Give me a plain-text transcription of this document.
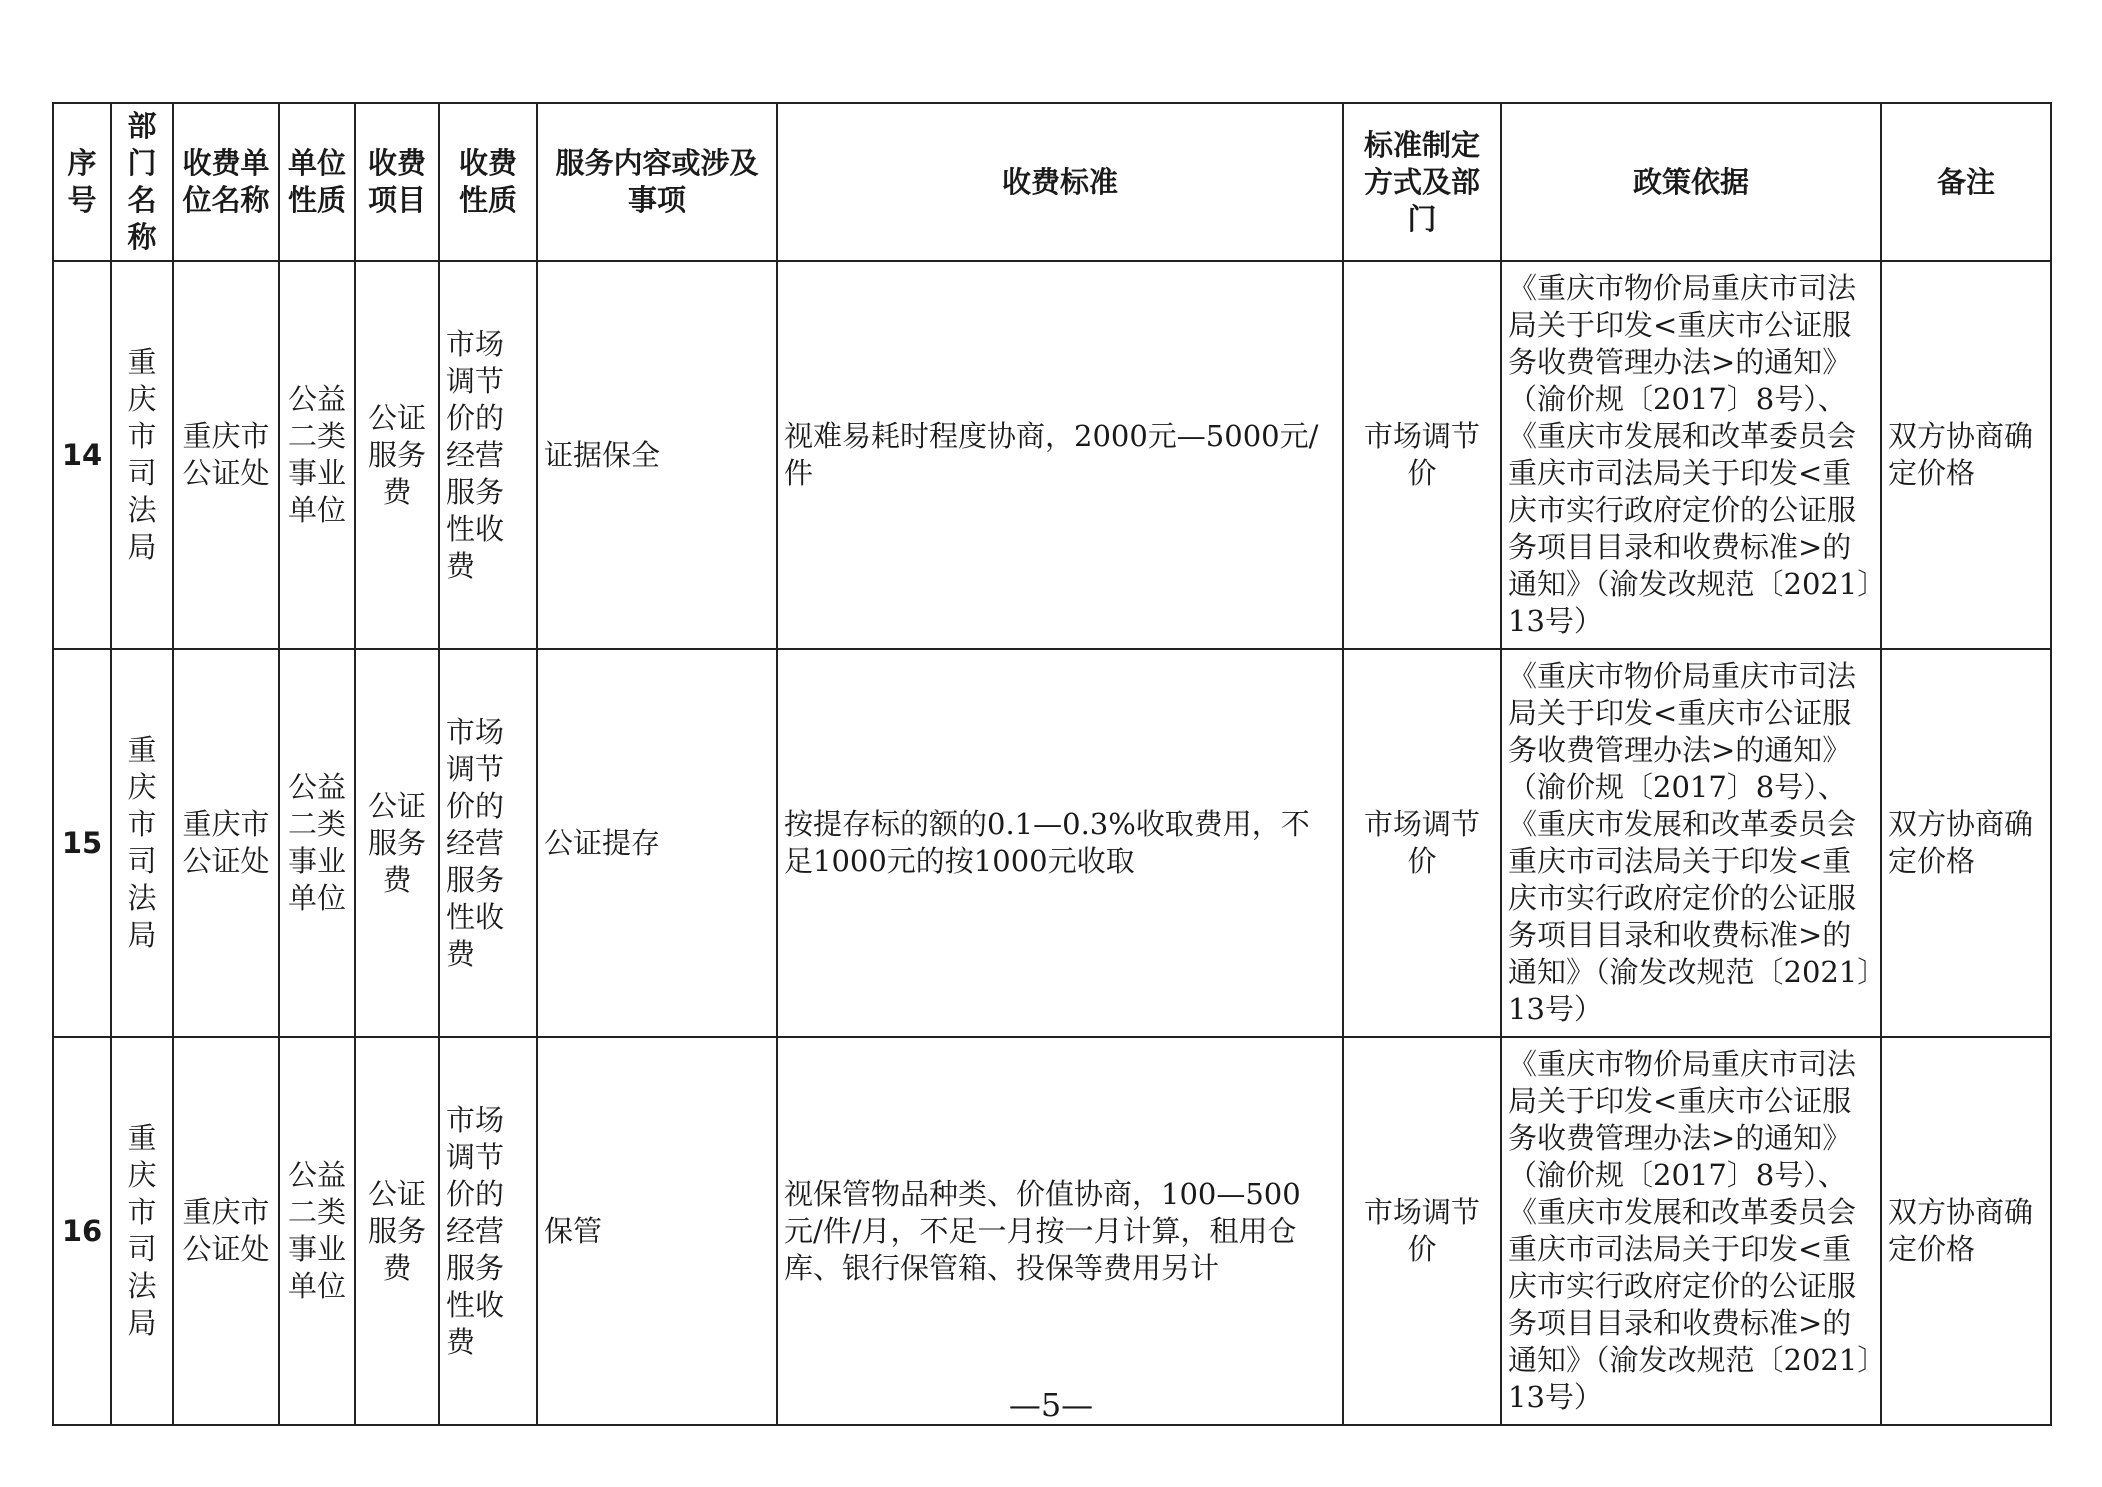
序号	部门名称	收费单位名称	单位性质	收费项目	收费性质	服务内容或涉及事项	收费标准	标准制定方式及部门	政策依据	备注
14	重庆市司法局	重庆市公证处	公益二类事业单位	公证服务费	市场调节价的经营服务性收费	证据保全	视难易耗时程度协商，2000元—5000元/件	市场调节价	《重庆市物价局重庆市司法局关于印发<重庆市公证服务收费管理办法>的通知》（渝价规〔2017〕8号）、《重庆市发展和改革委员会重庆市司法局关于印发<重庆市实行政府定价的公证服务项目目录和收费标准>的通知》（渝发改规范〔2021〕13号）	双方协商确定价格

15	重庆市司法局	重庆市公证处	公益二类事业单位	公证服务费	市场调节价的经营服务性收费	公证提存	按提存标的额的0.1—0.3%收取费用，不足1000元的按1000元收取	市场调节价	《重庆市物价局重庆市司法局关于印发<重庆市公证服务收费管理办法>的通知》（渝价规〔2017〕8号）、《重庆市发展和改革委员会重庆市司法局关于印发<重庆市实行政府定价的公证服务项目目录和收费标准>的通知》（渝发改规范〔2021〕13号）	双方协商确定价格

16	重庆市司法局	重庆市公证处	公益二类事业单位	公证服务费	市场调节价的经营服务性收费	保管	视保管物品种类、价值协商，100—500元/件/月，不足一月按一月计算，租用仓库、银行保管箱、投保等费用另计	市场调节价	《重庆市物价局重庆市司法局关于印发<重庆市公证服务收费管理办法>的通知》（渝价规〔2017〕8号）、《重庆市发展和改革委员会重庆市司法局关于印发<重庆市实行政府定价的公证服务项目目录和收费标准>的通知》（渝发改规范〔2021〕13号）	双方协商确定价格
—5—
